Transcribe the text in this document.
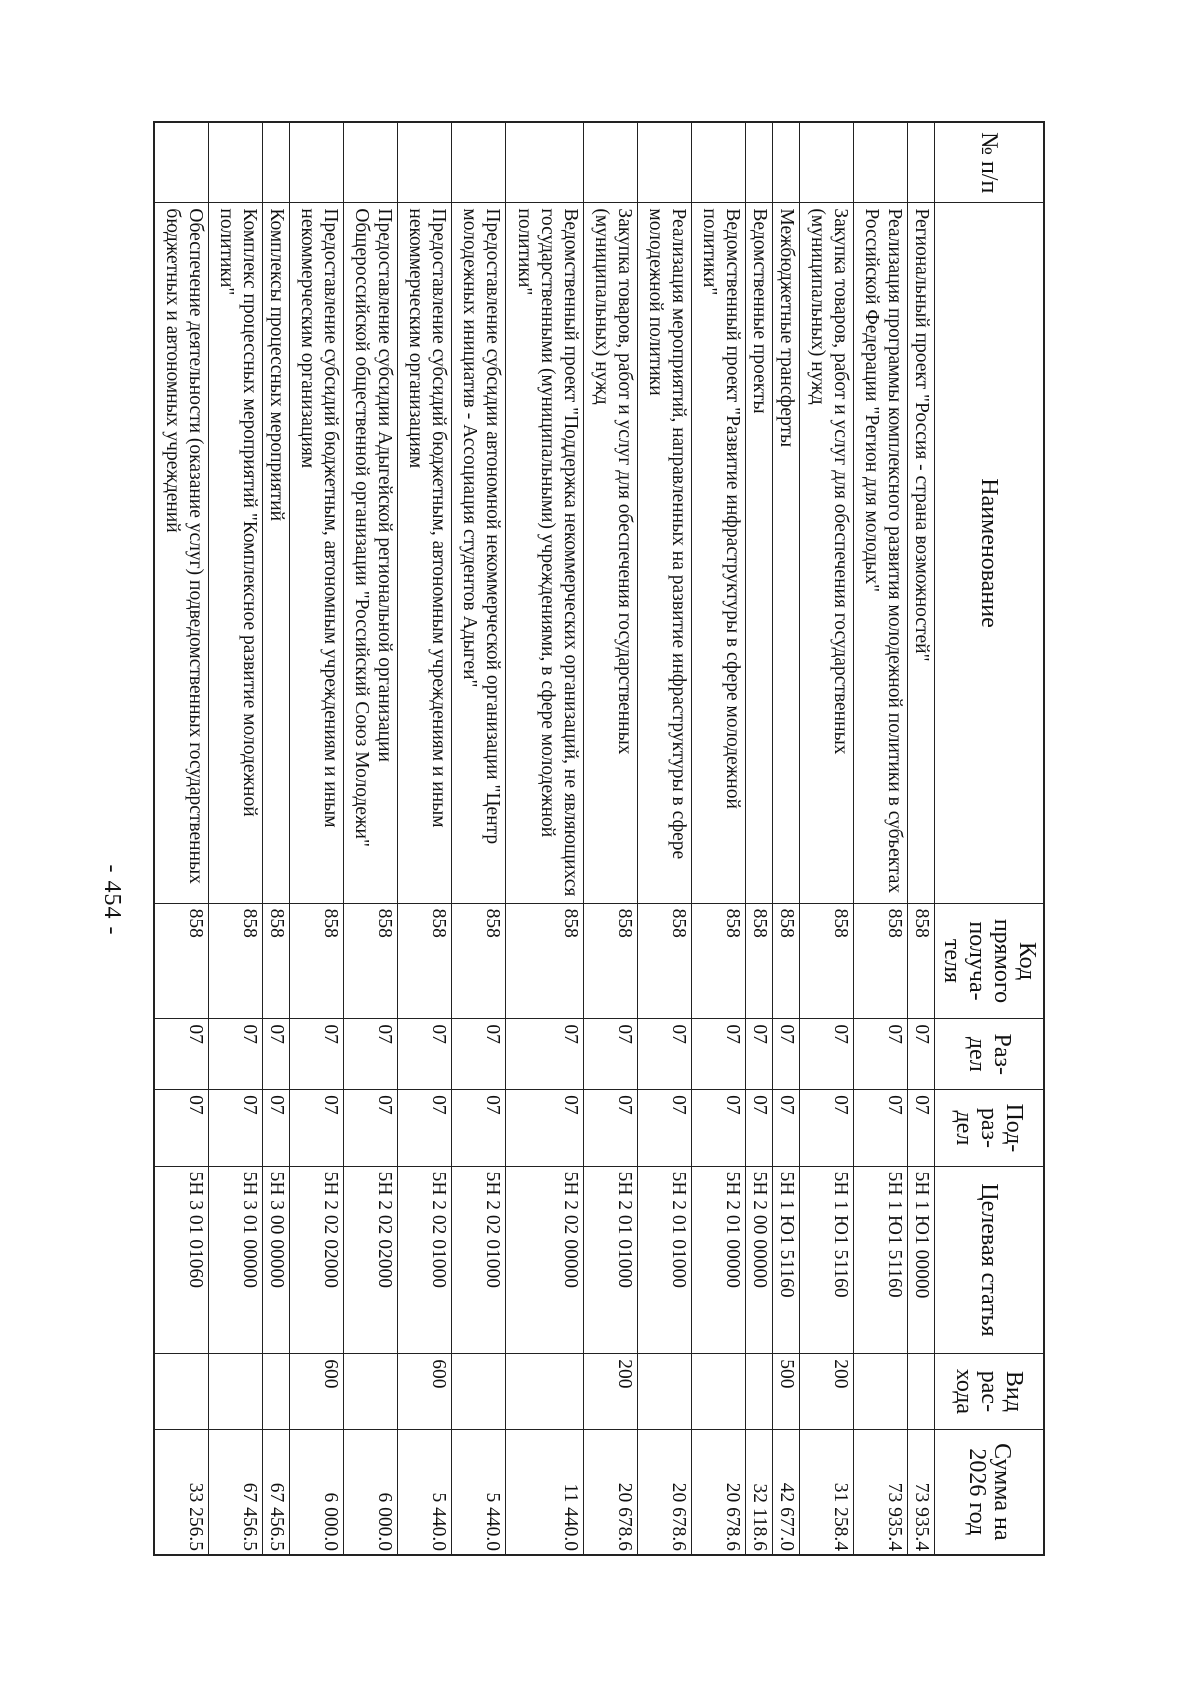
- 454 -
№ п/п	Наименование	Код прямого получа- теля	Раз- дел	Под- раз- дел	Целевая статья	Вид рас- хода	Сумма на 2026 год
	Региональный проект "Россия - страна возможностей"	858	07	07	5Н 1 Ю1 00000		73 935.4
	Реализация программы комплексного развития молодежной политики в субъектах Российской Федерации "Регион для молодых"	858	07	07	5Н 1 Ю1 51160		73 935.4
	Закупка товаров, работ и услуг для обеспечения государственных (муниципальных) нужд	858	07	07	5Н 1 Ю1 51160	200	31 258.4
	Межбюджетные трансферты	858	07	07	5Н 1 Ю1 51160	500	42 677.0
	Ведомственные проекты	858	07	07	5Н 2 00 00000		32 118.6
	Ведомственный проект "Развитие инфраструктуры в сфере молодежной политики"	858	07	07	5Н 2 01 00000		20 678.6
	Реализация мероприятий, направленных на развитие инфраструктуры в сфере молодежной политики	858	07	07	5Н 2 01 01000		20 678.6
	Закупка товаров, работ и услуг для обеспечения государственных (муниципальных) нужд	858	07	07	5Н 2 01 01000	200	20 678.6
	Ведомственный проект "Поддержка некоммерческих организаций, не являющихся государственными (муниципальными) учреждениями, в сфере молодежной политики"	858	07	07	5Н 2 02 00000		11 440.0
	Предоставление субсидии автономной некоммерческой организации "Центр молодежных инициатив - Ассоциация студентов Адыгеи"	858	07	07	5Н 2 02 01000		5 440.0
	Предоставление субсидий бюджетным, автономным учреждениям и иным некоммерческим организациям	858	07	07	5Н 2 02 01000	600	5 440.0
	Предоставление субсидии Адыгейской региональной организации Общероссийской общественной организации "Российский Союз Молодежи"	858	07	07	5Н 2 02 02000		6 000.0
	Предоставление субсидий бюджетным, автономным учреждениям и иным некоммерческим организациям	858	07	07	5Н 2 02 02000	600	6 000.0
	Комплексы процессных мероприятий	858	07	07	5Н 3 00 00000		67 456.5
	Комплекс процессных мероприятий "Комплексное развитие молодежной политики"	858	07	07	5Н 3 01 00000		67 456.5
	Обеспечение деятельности (оказание услуг) подведомственных государственных бюджетных и автономных учреждений	858	07	07	5Н 3 01 01060		33 256.5
